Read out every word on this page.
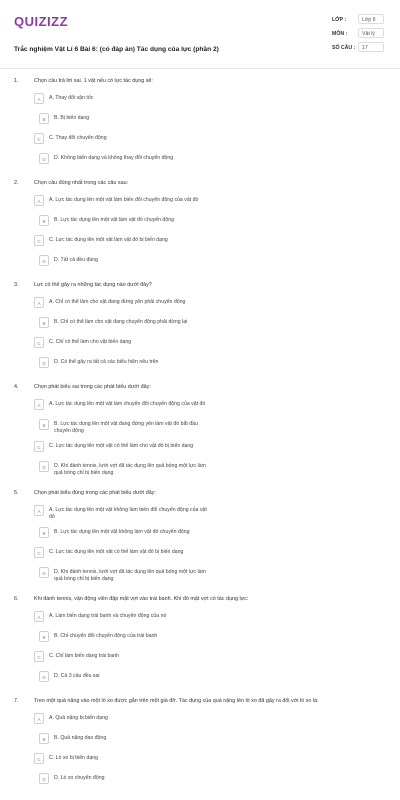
QUIZIZZ
Trắc nghiệm Vật Lí 6 Bài 6: (có đáp án) Tác dụng của lực (phần 2)
LỚP :	Lớp 6
MÔN :	Vật lý
SỐ CÂU :	17
1.	Chọn câu trả lời sai. 1 vật nếu có lực tác dụng sẽ:
A	A. Thay đổi vận tốc
B	B. Bị biến dạng
C	C. Thay đổi chuyển động
D	D. Không biến dạng và không thay đổi chuyển động
2.	Chọn câu đúng nhất trong các câu sau:
A	A. Lực tác dụng lên một vật làm biến đổi chuyển động của vật đó
B	B. Lực tác dụng lên một vật làm vật đó chuyển động
C	C. Lực tác dụng lên một vật làm vật đó bị biến dạng
D	D. Tất cả đều đúng
3.	Lực có thể gây ra những tác dụng nào dưới đây?
A	A. Chỉ có thể làm cho vật đang đứng yên phải chuyển động
B	B. Chỉ có thể làm cho vật đang chuyển động phải dừng lại
C	C. Chỉ có thể làm cho vật biến dạng
D	D. Có thể gây ra tất cả các biểu hiện nêu trên
4.	Chọn phát biểu sai trong các phát biểu dưới đây:
A	A. Lực tác dụng lên một vật làm chuyển đổi chuyển động của vật đó
B	B. Lực tác dụng lên một vật đang đứng yên làm vật đó bắt đầu chuyển động
C	C. Lực tác dụng lên một vật có thể làm cho vật đó bị biến dạng
D	D. Khi đánh tennis, lưới vợt đã tác dụng lên quả bóng một lực làm quả bóng chỉ bị biến dạng
5.	Chọn phát biểu đúng trong các phát biểu dưới đây:
A	A. Lực tác dụng lên một vật không làm biến đổi chuyển động của vật đó
B	B. Lực tác dụng lên một vật không làm vật đó chuyển động
C	C. Lực tác dụng lên một vật có thể làm vật đó bị biến dạng
D	D. Khi đánh tennis, lưới vợt đã tác dụng lên quả bóng một lực làm quả bóng chỉ bị biến dạng
6.	Khi đánh tennis, vận động viên đập mặt vợt vào trái banh. Khi đó mặt vợt có tác dụng lực:
A	A. Làm biến dạng trái banh và chuyển động của nó
B	B. Chỉ chuyển đổi chuyển động của trái banh
C	C. Chỉ làm biến dạng trái banh
D	D. Cả 3 câu đều sai
7.	Treo một quả nặng vào một lò xo được gắn trên một giá đỡ. Tác dụng của quả nặng lên lò xo đã gây ra đối với lò xo là:
A	A. Quả nặng bị biến dạng
B	B. Quả nặng dao động
C	C. Lò xo bị biến dạng
D	D. Lò xo chuyển động
